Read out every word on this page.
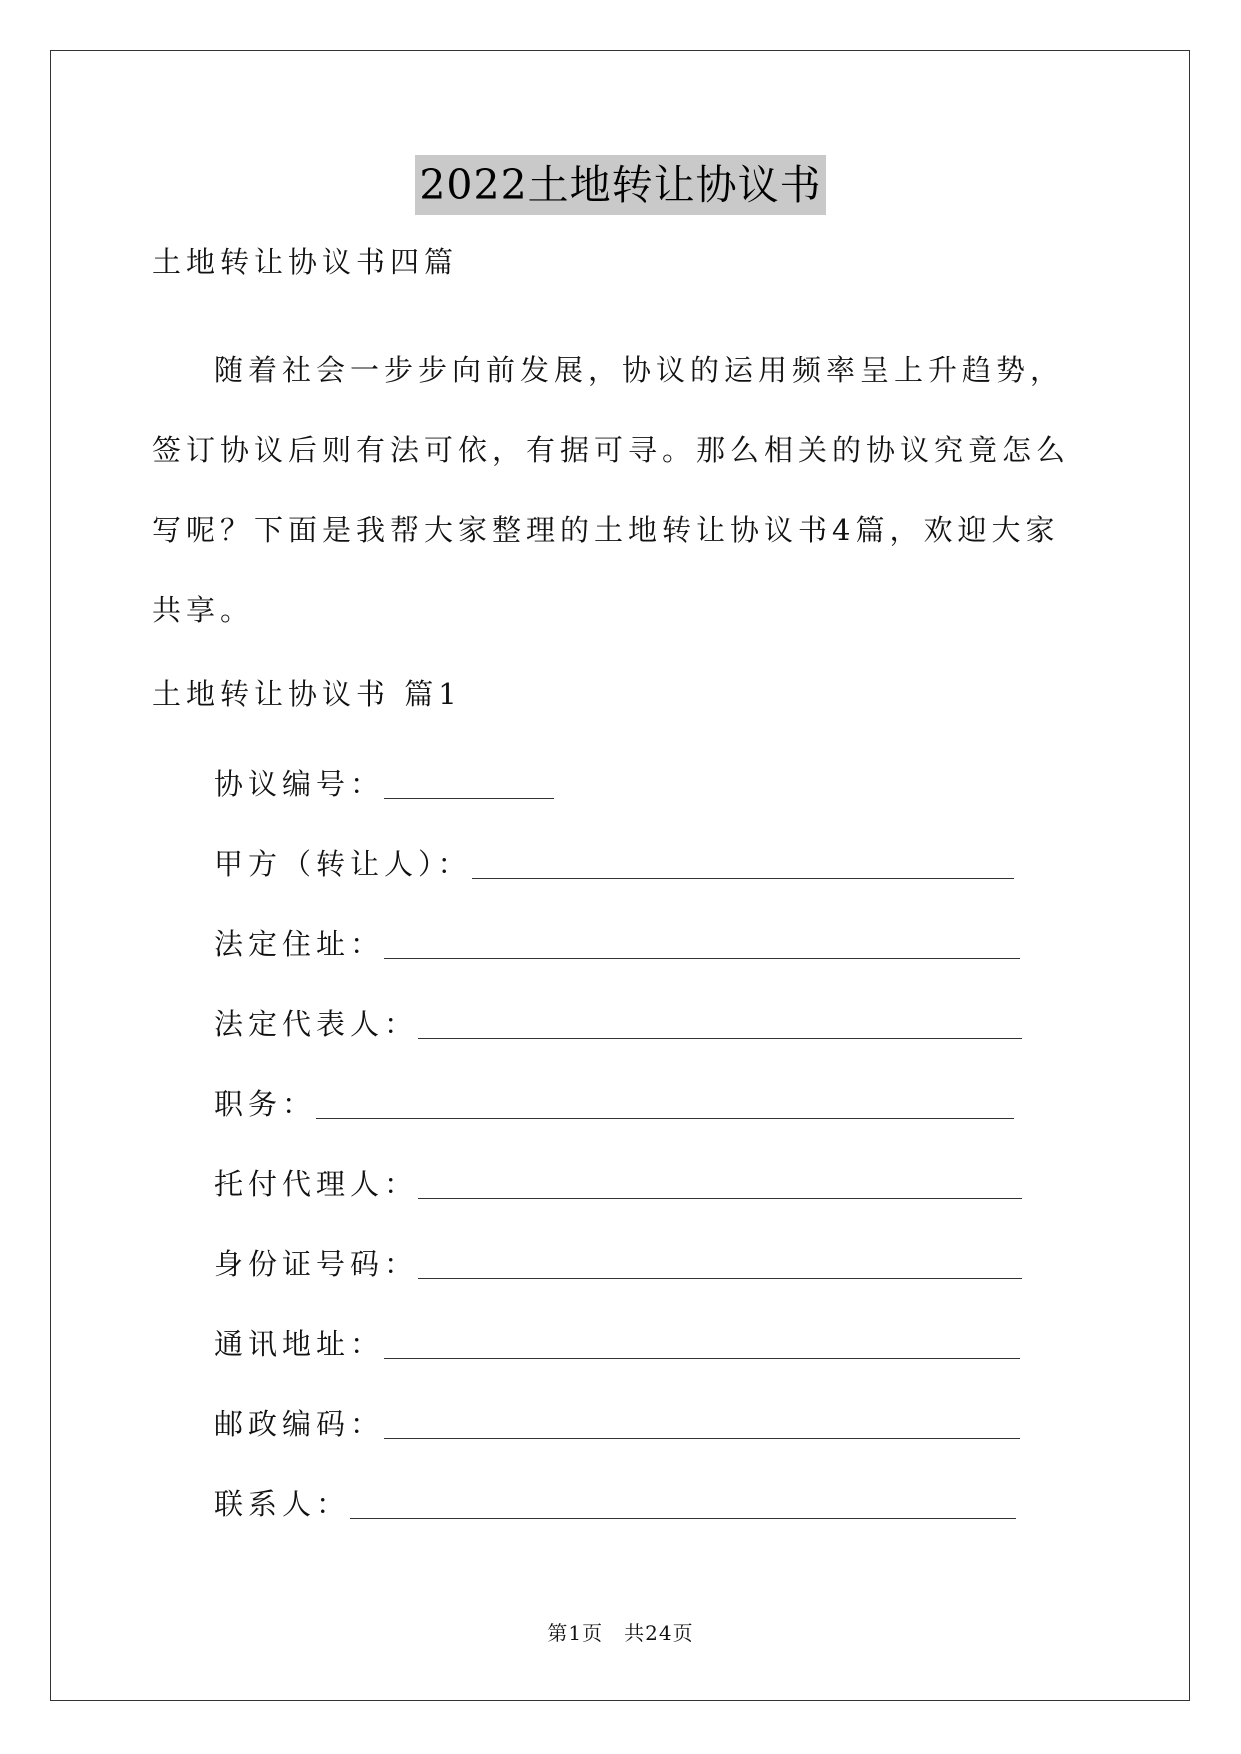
2022土地转让协议书
土地转让协议书四篇
随着社会一步步向前发展，协议的运用频率呈上升趋势，签订协议后则有法可依，有据可寻。那么相关的协议究竟怎么写呢？下面是我帮大家整理的土地转让协议书4篇，欢迎大家共享。
土地转让协议书 篇1
协议编号：
甲方（转让人）：
法定住址：
法定代表人：
职务：
托付代理人：
身份证号码：
通讯地址：
邮政编码：
联系人：
第1页　共24页
